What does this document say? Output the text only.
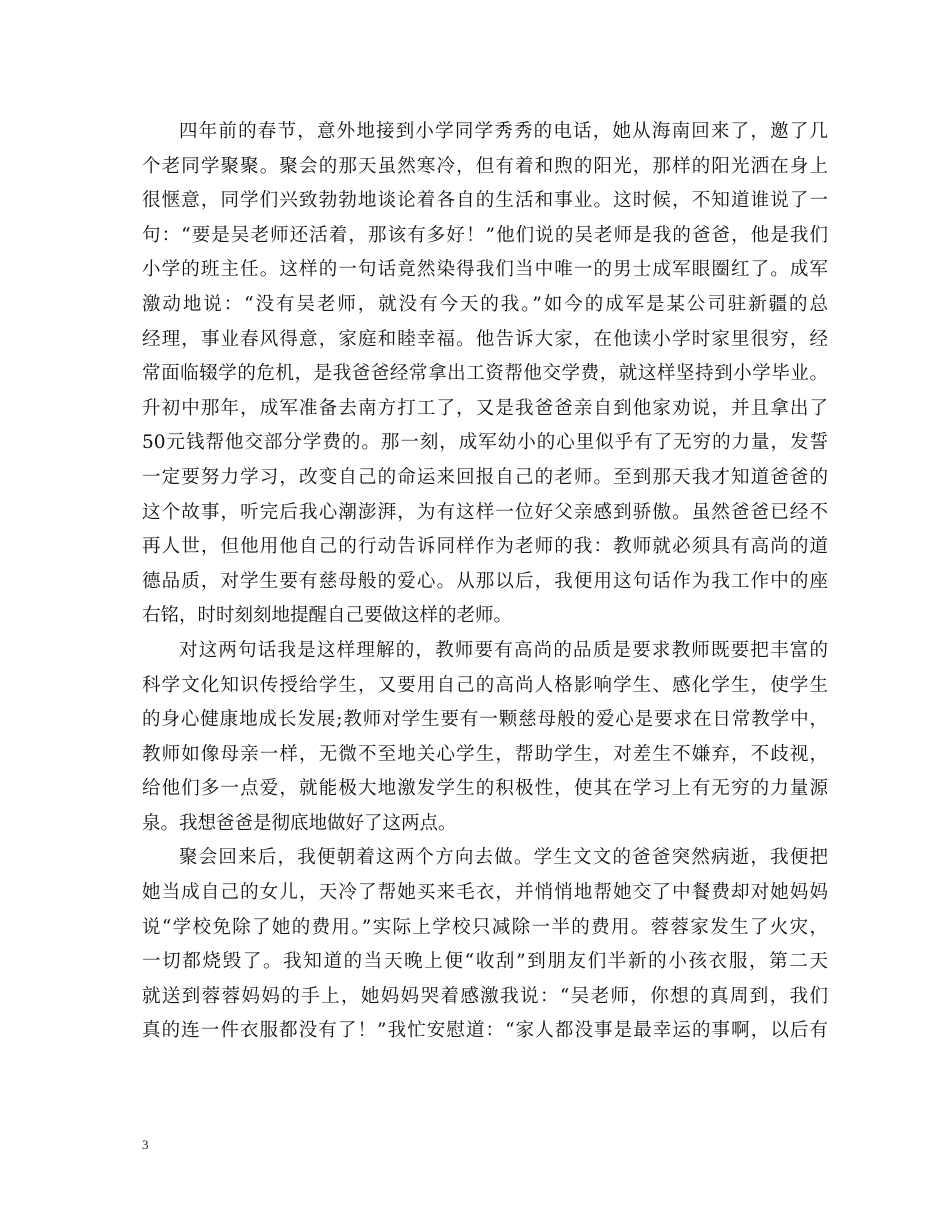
四年前的春节，意外地接到小学同学秀秀的电话，她从海南回来了，邀了几
个老同学聚聚。聚会的那天虽然寒冷，但有着和煦的阳光，那样的阳光洒在身上
很惬意，同学们兴致勃勃地谈论着各自的生活和事业。这时候，不知道谁说了一
句：“要是吴老师还活着，那该有多好！”他们说的吴老师是我的爸爸，他是我们
小学的班主任。这样的一句话竟然染得我们当中唯一的男士成军眼圈红了。成军
激动地说：“没有吴老师，就没有今天的我。”如今的成军是某公司驻新疆的总
经理，事业春风得意，家庭和睦幸福。他告诉大家，在他读小学时家里很穷，经
常面临辍学的危机，是我爸爸经常拿出工资帮他交学费，就这样坚持到小学毕业。
升初中那年，成军准备去南方打工了，又是我爸爸亲自到他家劝说，并且拿出了
50元钱帮他交部分学费的。那一刻，成军幼小的心里似乎有了无穷的力量，发誓
一定要努力学习，改变自己的命运来回报自己的老师。至到那天我才知道爸爸的
这个故事，听完后我心潮澎湃，为有这样一位好父亲感到骄傲。虽然爸爸已经不
再人世，但他用他自己的行动告诉同样作为老师的我：教师就必须具有高尚的道
德品质，对学生要有慈母般的爱心。从那以后，我便用这句话作为我工作中的座
右铭，时时刻刻地提醒自己要做这样的老师。
对这两句话我是这样理解的，教师要有高尚的品质是要求教师既要把丰富的
科学文化知识传授给学生，又要用自己的高尚人格影响学生、感化学生，使学生
的身心健康地成长发展;教师对学生要有一颗慈母般的爱心是要求在日常教学中，
教师如像母亲一样，无微不至地关心学生，帮助学生，对差生不嫌弃，不歧视，
给他们多一点爱，就能极大地激发学生的积极性，使其在学习上有无穷的力量源
泉。我想爸爸是彻底地做好了这两点。
聚会回来后，我便朝着这两个方向去做。学生文文的爸爸突然病逝，我便把
她当成自己的女儿，天冷了帮她买来毛衣，并悄悄地帮她交了中餐费却对她妈妈
说“学校免除了她的费用。”实际上学校只减除一半的费用。蓉蓉家发生了火灾，
一切都烧毁了。我知道的当天晚上便“收刮”到朋友们半新的小孩衣服，第二天
就送到蓉蓉妈妈的手上，她妈妈哭着感激我说：“吴老师，你想的真周到，我们
真的连一件衣服都没有了！”我忙安慰道：“家人都没事是最幸运的事啊，以后有
3
